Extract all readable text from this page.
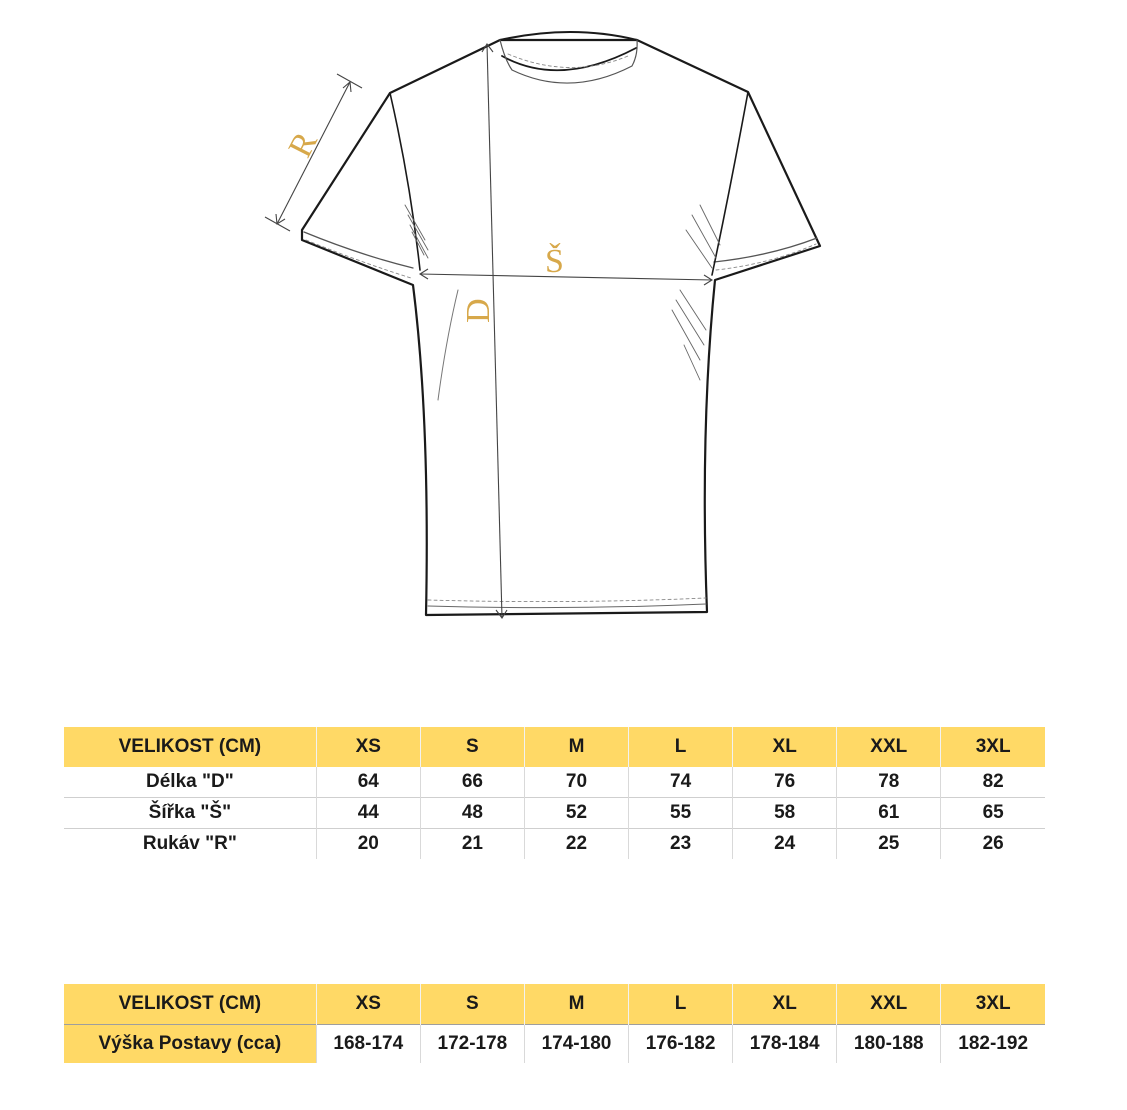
R
Š
D
VELIKOST (CM)	XS	S	M	L	XL	XXL	3XL
Délka "D"	64	66	70	74	76	78	82
Šířka "Š"	44	48	52	55	58	61	65
Rukáv "R"	20	21	22	23	24	25	26
VELIKOST (CM)	XS	S	M	L	XL	XXL	3XL
Výška Postavy (cca)	168-174	172-178	174-180	176-182	178-184	180-188	182-192
